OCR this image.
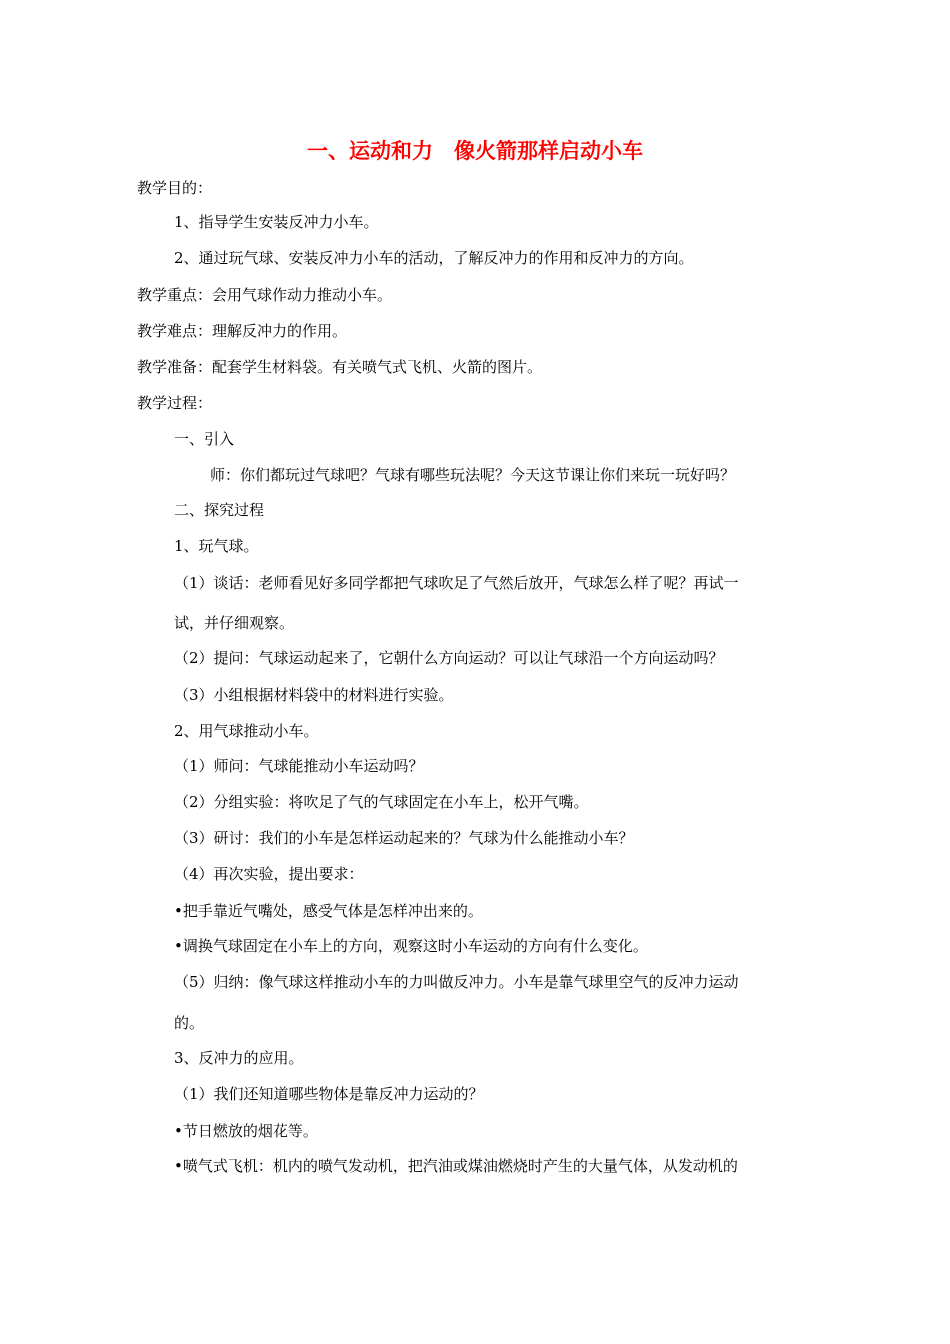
一、运动和力　像火箭那样启动小车
教学目的：
1、指导学生安装反冲力小车。
2、通过玩气球、安装反冲力小车的活动，了解反冲力的作用和反冲力的方向。
教学重点：会用气球作动力推动小车。
教学难点：理解反冲力的作用。
教学准备：配套学生材料袋。有关喷气式飞机、火箭的图片。
教学过程：
一、引入
师：你们都玩过气球吧？气球有哪些玩法呢？今天这节课让你们来玩一玩好吗？
二、探究过程
1、玩气球。
（1）谈话：老师看见好多同学都把气球吹足了气然后放开，气球怎么样了呢？再试一
试，并仔细观察。
（2）提问：气球运动起来了，它朝什么方向运动？可以让气球沿一个方向运动吗？
（3）小组根据材料袋中的材料进行实验。
2、用气球推动小车。
（1）师问：气球能推动小车运动吗？
（2）分组实验：将吹足了气的气球固定在小车上，松开气嘴。
（3）研讨：我们的小车是怎样运动起来的？气球为什么能推动小车？
（4）再次实验，提出要求：
•把手靠近气嘴处，感受气体是怎样冲出来的。
•调换气球固定在小车上的方向，观察这时小车运动的方向有什么变化。
（5）归纳：像气球这样推动小车的力叫做反冲力。小车是靠气球里空气的反冲力运动
的。
3、反冲力的应用。
（1）我们还知道哪些物体是靠反冲力运动的？
•节日燃放的烟花等。
•喷气式飞机：机内的喷气发动机，把汽油或煤油燃烧时产生的大量气体，从发动机的
